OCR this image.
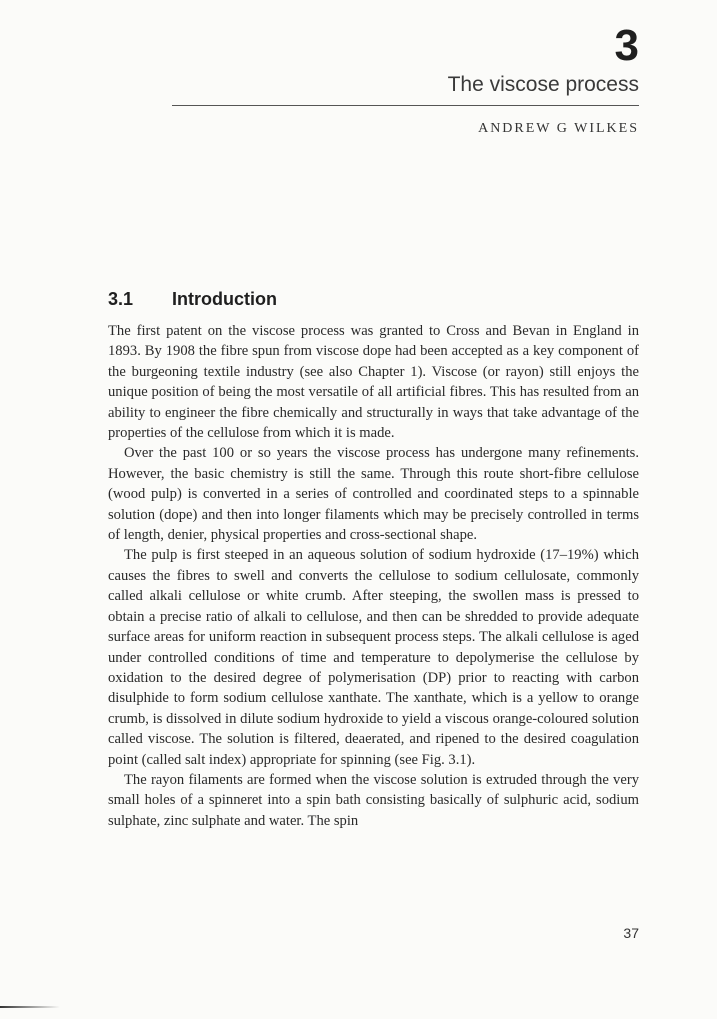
3
The viscose process
ANDREW G WILKES
3.1 Introduction

The first patent on the viscose process was granted to Cross and Bevan in England in 1893. By 1908 the fibre spun from viscose dope had been accepted as a key component of the burgeoning textile industry (see also Chapter 1). Viscose (or rayon) still enjoys the unique position of being the most versatile of all artificial fibres. This has resulted from an ability to engineer the fibre chemically and structurally in ways that take advantage of the properties of the cellulose from which it is made.

Over the past 100 or so years the viscose process has undergone many refinements. However, the basic chemistry is still the same. Through this route short-fibre cellulose (wood pulp) is converted in a series of controlled and coordinated steps to a spinnable solution (dope) and then into longer filaments which may be precisely controlled in terms of length, denier, physical properties and cross-sectional shape.

The pulp is first steeped in an aqueous solution of sodium hydroxide (17–19%) which causes the fibres to swell and converts the cellulose to sodium cellulosate, commonly called alkali cellulose or white crumb. After steeping, the swollen mass is pressed to obtain a precise ratio of alkali to cellulose, and then can be shredded to provide adequate surface areas for uniform reaction in subsequent process steps. The alkali cellulose is aged under controlled conditions of time and temperature to depolymerise the cellulose by oxidation to the desired degree of polymerisation (DP) prior to reacting with carbon disulphide to form sodium cellulose xanthate. The xanthate, which is a yellow to orange crumb, is dissolved in dilute sodium hydroxide to yield a viscous orange-coloured solution called viscose. The solution is filtered, deaerated, and ripened to the desired coagulation point (called salt index) appropriate for spinning (see Fig. 3.1).

The rayon filaments are formed when the viscose solution is extruded through the very small holes of a spinneret into a spin bath consisting basically of sulphuric acid, sodium sulphate, zinc sulphate and water. The spin

37
